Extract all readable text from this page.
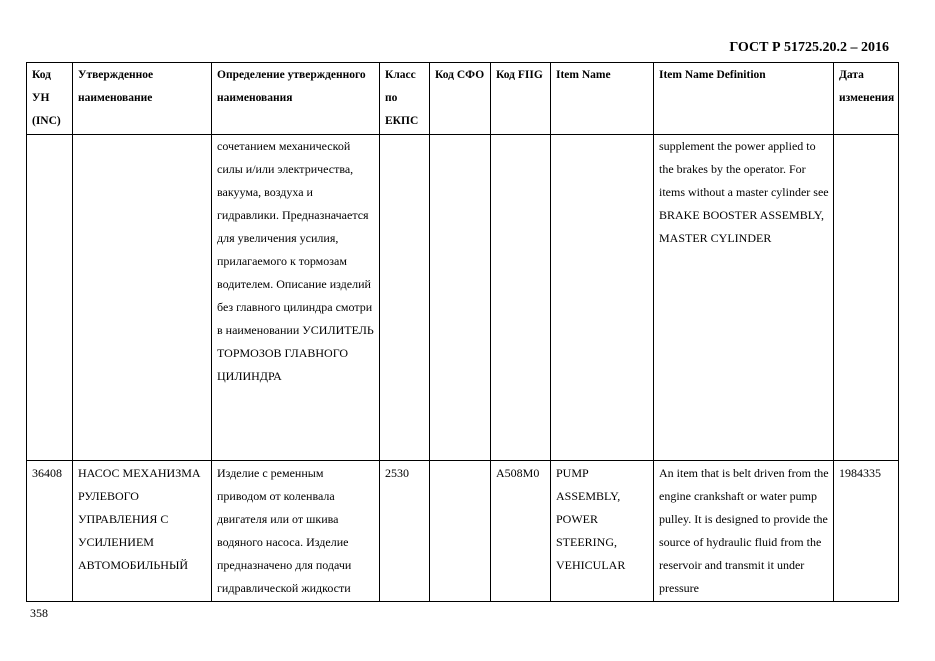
ГОСТ Р 51725.20.2 – 2016
Код УН (INC)	Утвержденное наименование	Определение утвержденного наименования	Класс по ЕКПС	Код СФО	Код FIIG	Item Name	Item Name Definition	Дата изменения
		сочетанием механической силы и/или электричества, вакуума, воздуха и гидравлики. Предназначается для увеличения усилия, прилагаемого к тормозам водителем. Описание изделий без главного цилиндра смотри в наименовании УСИЛИТЕЛЬ ТОРМОЗОВ ГЛАВНОГО ЦИЛИНДРА					supplement the power applied to the brakes by the operator. For items without a master cylinder see BRAKE BOOSTER ASSEMBLY, MASTER CYLINDER	
36408	НАСОС МЕХАНИЗМА РУЛЕВОГО УПРАВЛЕНИЯ С УСИЛЕНИЕМ АВТОМОБИЛЬНЫЙ	Изделие с ременным приводом от коленвала двигателя или от шкива водяного насоса. Изделие предназначено для подачи гидравлической жидкости	2530		A508M0	PUMP ASSEMBLY, POWER STEERING, VEHICULAR	An item that is belt driven from the engine crankshaft or water pump pulley. It is designed to provide the source of hydraulic fluid from the reservoir and transmit it under pressure	1984335
358
